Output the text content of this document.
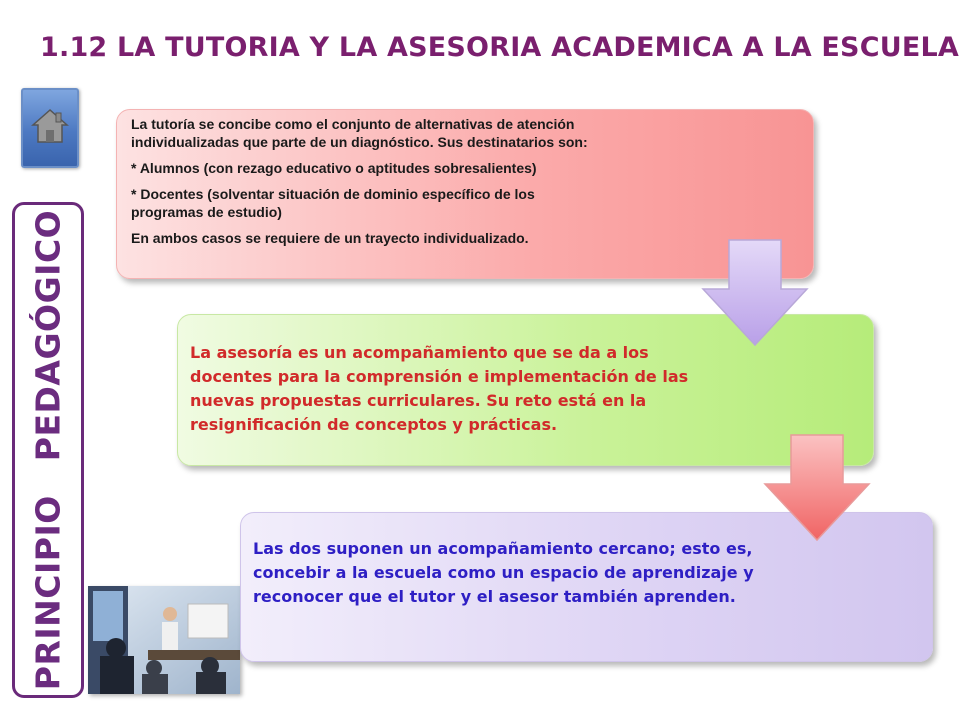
1.12 LA TUTORIA Y LA ASESORIA ACADEMICA A LA ESCUELA
PRINCIPIOPEDAGÓGICO

La tutoría se concibe como el conjunto de alternativas de atención individualizadas que parte de un diagnóstico. Sus destinatarios son:

* Alumnos (con rezago educativo o aptitudes sobresalientes)

* Docentes (solventar situación de dominio específico de los programas de estudio)

En ambos casos se requiere de un trayecto individualizado.

La asesoría es un acompañamiento que se da a los docentes para la comprensión e implementación de las nuevas propuestas curriculares. Su reto está en la resignificación de conceptos y prácticas.
Las dos suponen un acompañamiento cercano; esto es, concebir a la escuela como un espacio de aprendizaje y reconocer que el tutor y el asesor también aprenden.
